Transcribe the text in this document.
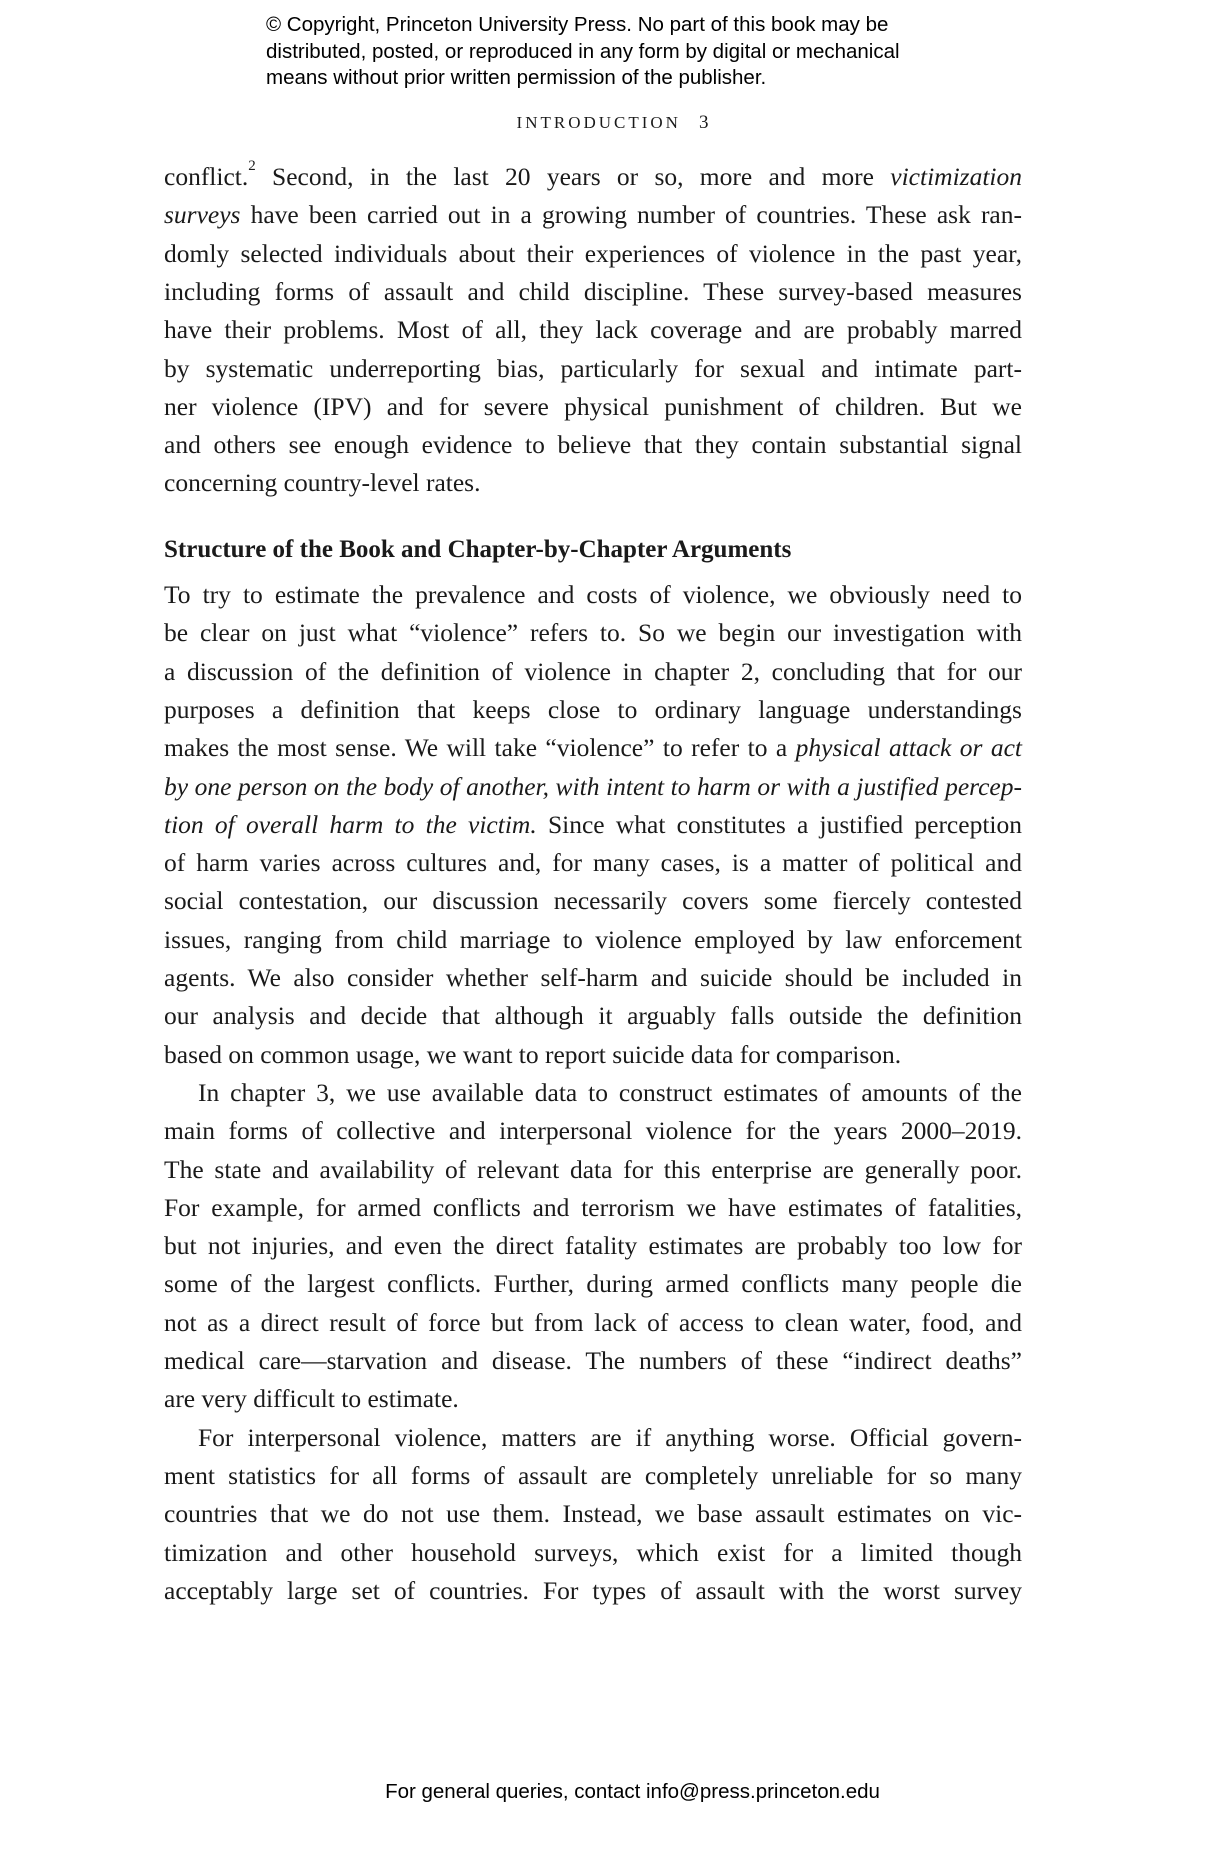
© Copyright, Princeton University Press. No part of this book may be
distributed, posted, or reproduced in any form by digital or mechanical
means without prior written permission of the publisher.
INTRODUCTION 3
conflict.$^2$ Second, in the last 20 years or so, more and more victimization
surveys have been carried out in a growing number of countries. These ask ran-
domly selected individuals about their experiences of violence in the past year,
including forms of assault and child discipline. These survey-based measures
have their problems. Most of all, they lack coverage and are probably marred
by systematic underreporting bias, particularly for sexual and intimate part-
ner violence (IPV) and for severe physical punishment of children. But we
and others see enough evidence to believe that they contain substantial signal
concerning country-level rates.
Structure of the Book and Chapter-by-Chapter Arguments
To try to estimate the prevalence and costs of violence, we obviously need to
be clear on just what “violence” refers to. So we begin our investigation with
a discussion of the definition of violence in chapter 2, concluding that for our
purposes a definition that keeps close to ordinary language understandings
makes the most sense. We will take “violence” to refer to a physical attack or act
by one person on the body of another, with intent to harm or with a justified percep-
tion of overall harm to the victim. Since what constitutes a justified perception
of harm varies across cultures and, for many cases, is a matter of political and
social contestation, our discussion necessarily covers some fiercely contested
issues, ranging from child marriage to violence employed by law enforcement
agents. We also consider whether self-harm and suicide should be included in
our analysis and decide that although it arguably falls outside the definition
based on common usage, we want to report suicide data for comparison.
In chapter 3, we use available data to construct estimates of amounts of the
main forms of collective and interpersonal violence for the years 2000–2019.
The state and availability of relevant data for this enterprise are generally poor.
For example, for armed conflicts and terrorism we have estimates of fatalities,
but not injuries, and even the direct fatality estimates are probably too low for
some of the largest conflicts. Further, during armed conflicts many people die
not as a direct result of force but from lack of access to clean water, food, and
medical care—starvation and disease. The numbers of these “indirect deaths”
are very difficult to estimate.
For interpersonal violence, matters are if anything worse. Official govern-
ment statistics for all forms of assault are completely unreliable for so many
countries that we do not use them. Instead, we base assault estimates on vic-
timization and other household surveys, which exist for a limited though
acceptably large set of countries. For types of assault with the worst survey
For general queries, contact info@press.princeton.edu
